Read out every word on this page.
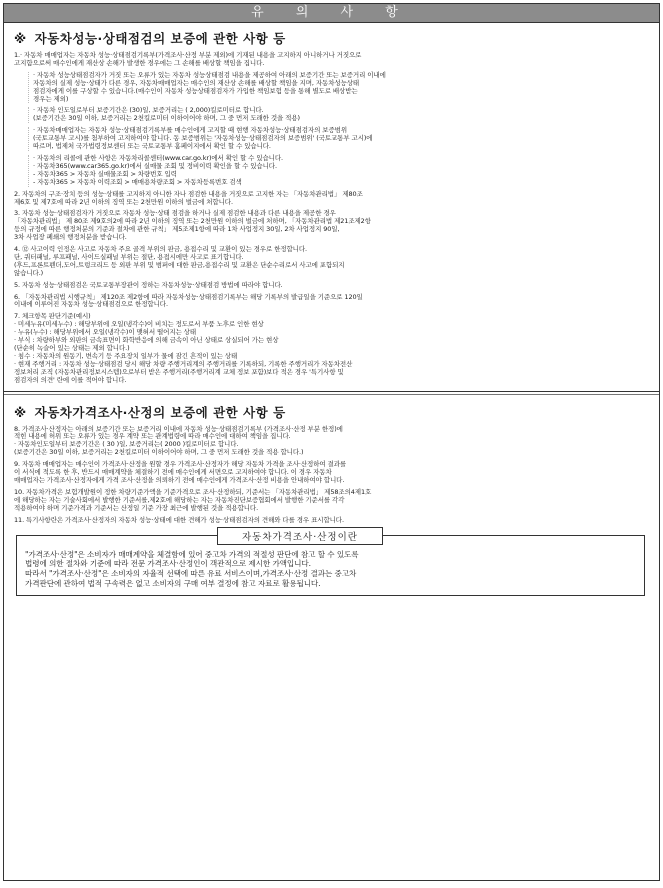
유 의 사 항
※ 자동차성능·상태점검의 보증에 관한 사항 등
1.· 자동차 매매업자는 자동차 성능·상태점검기록부(가격조사·산정 부분 제외)에 기재된 내용을 고지하지 아니하거나 거짓으로
고지함으로써 매수인에게 재산상 손해가 발생한 경우에는 그 손해를 배상할 책임을 집니다.
· 자동차 성능상태점검자가 거짓 또는 오류가 있는 자동차 성능상태점검 내용을 제공하여 아래의 보증기간 또는 보증거리 이내에
자동차의 실제 성능·상태가 다른 경우, 자동차매매업자는 매수인의 재산상 손해를 배상할 책임을 지며, 자동차성능상태
점검자에게 이를 구상할 수 있습니다.(매수인이 자동차 성능상태점검자가 가입한 책임보험 등을 통해 별도로 배상받는
경우는 제외)
· 자동차 인도일로부터 보증기간은 (30)일, 보증거리는 ( 2,000)킬로미터로 합니다.
(보증기간은 30일 이하, 보증거리는 2천킬로미터 이하이어야 하며, 그 중 먼저 도래한 것을 적용)
· 자동차매매업자는 자동차 성능·상태점검기록부를 매수인에게 고지할 때 현행 자동차성능·상태점검자의 보증범위
(국토교통부 고시)를 첨부하여 고지하여야 합니다. 동 보증범위는 '자동차성능·상태점검자의 보증범위' (국토교통부 고시)에
따르며, 법제처 국가법령정보센터 또는 국토교통부 홈페이지에서 확인 할 수 있습니다.
· 자동차의 리콜에 관한 사항은 자동차리콜센터(www.car.go.kr)에서 확인 할 수 있습니다.
· 자동차365(www.car365.go.kr)에서 실매물 조회 및 정비이력 확인을 할 수 있습니다.
- 자동차365 > 자동차 실매물조회 > 차량번호 입력
- 자동차365 > 자동차 이력조회 > 매매용차량조회 > 자동차등록번호 검색
2. 자동차의 구조·장치 등의 성능·상태를 고지하지 아니한 자나 점검한 내용을 거짓으로 고지한 자는 「자동차관리법」 제80조
제6호 및 제7호에 따라 2년 이하의 징역 또는 2천만원 이하의 벌금에 처합니다.
3. 자동차 성능·상태점검자가 거짓으로 자동차 성능·상태 점검을 하거나 실제 점검한 내용과 다른 내용을 제공한 경우
「자동차관리법」 제 80조 제9호의2에 따라 2년 이하의 징역 또는 2천만원 이하의 벌금에 처하며, 「자동차관리법 제21조제2항
등의 규정에 따른 행정처분의 기준과 절차에 관한 규칙」 제5조제1항에 따라 1차 사업정지 30일, 2차 사업정지 90일,
3차 사업장 폐쇄의 행정처분을 받습니다.
4. ⑫ 사고이력 인정은 사고로 자동차 주요 골격 부위의 판금, 용접수리 및 교환이 있는 경우로 한정합니다.
단, 쿼터패널, 루프패널, 사이드실패널 부위는 절단, 용접시에만 사고로 표기합니다.
(후드,프론트펜더,도어,트렁크리드 등 외판 부위 및 범퍼에 대한 판금,용접수리 및 교환은 단순수리로서 사고에 포함되지
않습니다.)
5. 자동차 성능·상태점검은 국토교통부장관이 정하는 자동차성능·상태점검 방법에 따라야 합니다.
6. 「자동차관리법 시행규칙」 제120조 제2항에 따라 자동차성능·상태점검기록부는 해당 기록부의 발급일을 기준으로 120일
이내에 이루어진 자동차 성능·상태점검으로 한정합니다.
7. 체크항목 판단기준(예시)
· 미세누유(미세누수) : 해당부위에 오일(냉각수)이 비치는 정도로서 부품 노후로 인한 현상
· 누유(누수) : 해당부위에서 오일(냉각수)이 맺혀서 떨어지는 상태
· 부식 : 차량하부와 외판의 금속표면이 화학반응에 의해 금속이 아닌 상태로 상실되어 가는 현상
(단순히 녹슬어 있는 상태는 제외 합니다.)
· 침수 : 자동차의 원동기, 변속기 등 주요장치 일부가 물에 잠긴 흔적이 있는 상태
· 현재 주행거리 : 자동차 성능·상태점검 당시 해당 차량 주행거리계의 주행거리를 기록하되, 기록한 주행거리가 자동차전산
정보처리 조직 (자동차관리정보시스템)으로부터 받은 주행거리(주행거리계 교체 정보 포함)보다 적은 경우 '특기사항 및
점검자의 의견' 란에 이를 적어야 합니다.
※ 자동차가격조사·산정의 보증에 관한 사항 등
8. 가격조사·산정자는 아래의 보증기간 또는 보증거리 이내에 자동차 성능·상태점검기록부 (가격조사·산정 부분 한정)에
적힌 내용에 허위 또는 오류가 있는 경우 계약 또는 관계법령에 따라 매수인에 대하여 책임을 집니다.
· 자동차인도일부터 보증기간은 ( 30 )일, 보증거리는( 2000 )킬로미터로 합니다.
(보증기간은 30일 이하, 보증거리는 2천킬로미터 이하이어야 하며, 그 중 먼저 도래한 것을 적용 합니다.)
9. 자동차 매매업자는 매수인이 가격조사·산정을 원할 경우 가격조사·산정자가 해당 자동차 가격을 조사·산정하여 결과를
이 서식에 적도록 한 후, 반드시 매매계약을 체결하기 전에 매수인에게 서면으로 고지하여야 합니다. 이 경우 자동차
매매업자는 가격조사·산정자에게 가격 조사·산정을 의뢰하기 전에 매수인에게 가격조사·산정 비용을 안내하여야 합니다.
10. 자동차가격은 보험개발원이 정한 차량기준가액을 기준가격으로 조사·산정하되, 기준서는 「자동차관리법」 제58조의4제1호
에 해당하는 자는 기술사회에서 발행한 기준서를,제2호에 해당하는 자는 자동차진단보증협회에서 발행한 기준서를 각각
적용하여야 하며 기준가격과 기준서는 산정일 기준 가장 최근에 발행된 것을 적용합니다.
11. 특기사항란은 가격조사·산정자의 자동차 성능·상태에 대한 견해가 성능·상태점검자의 견해와 다를 경우 표시합니다.
자동차가격조사·산정이란
"가격조사·산정"은 소비자가 매매계약을 체결함에 있어 중고차 가격의 적절성 판단에 참고 할 수 있도록
법령에 의한 절차와 기준에 따라 전문 가격조사·산정인이 객관적으로 제시한 가액입니다.
따라서 "가격조사·산정"은 소비자의 자율적 선택에 따른 유료 서비스이며,가격조사·산정 결과는 중고차
가격판단에 관하여 법적 구속력은 없고 소비자의 구매 여부 결정에 참고 자료로 활용됩니다.
